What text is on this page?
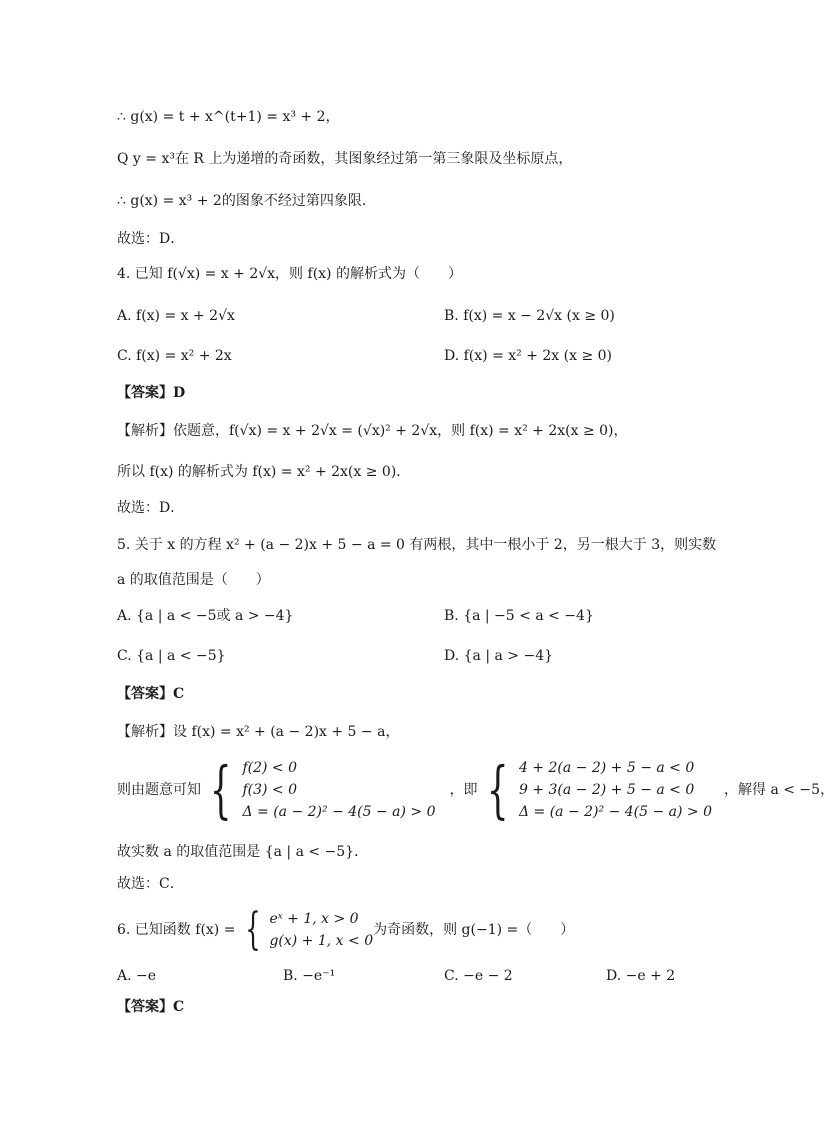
∴ g(x) = t + x^(t+1) = x³ + 2，
Q y = x³在 R 上为递增的奇函数，其图象经过第一第三象限及坐标原点，
∴ g(x) = x³ + 2的图象不经过第四象限．
故选：D．
4. 已知 f(√x) = x + 2√x，则 f(x) 的解析式为（　　）
A. f(x) = x + 2√x	B. f(x) = x − 2√x (x ≥ 0)
C. f(x) = x² + 2x	D. f(x) = x² + 2x (x ≥ 0)
【答案】D
【解析】依题意，f(√x) = x + 2√x = (√x)² + 2√x，则 f(x) = x² + 2x(x ≥ 0)，
所以 f(x) 的解析式为 f(x) = x² + 2x(x ≥ 0)．
故选：D．
5. 关于 x 的方程 x² + (a − 2)x + 5 − a = 0 有两根，其中一根小于 2，另一根大于 3，则实数
a 的取值范围是（　　）
A. {a | a < −5或 a > −4}	B. {a | −5 < a < −4}
C. {a | a < −5}	D. {a | a > −4}
【答案】C
【解析】设 f(x) = x² + (a − 2)x + 5 − a，
则由题意可知 { f(2) < 0
f(3) < 0
Δ = (a − 2)² − 4(5 − a) > 0
，即 { 4 + 2(a − 2) + 5 − a < 0
9 + 3(a − 2) + 5 − a < 0
Δ = (a − 2)² − 4(5 − a) > 0
，解得 a < −5，
故实数 a 的取值范围是 {a | a < −5}．
故选：C．
6. 已知函数 f(x) = { eˣ + 1, x > 0
g(x) + 1, x < 0
为奇函数，则 g(−1) =（　　）
A. −e	B. −e⁻¹	C. −e − 2	D. −e + 2
【答案】C
